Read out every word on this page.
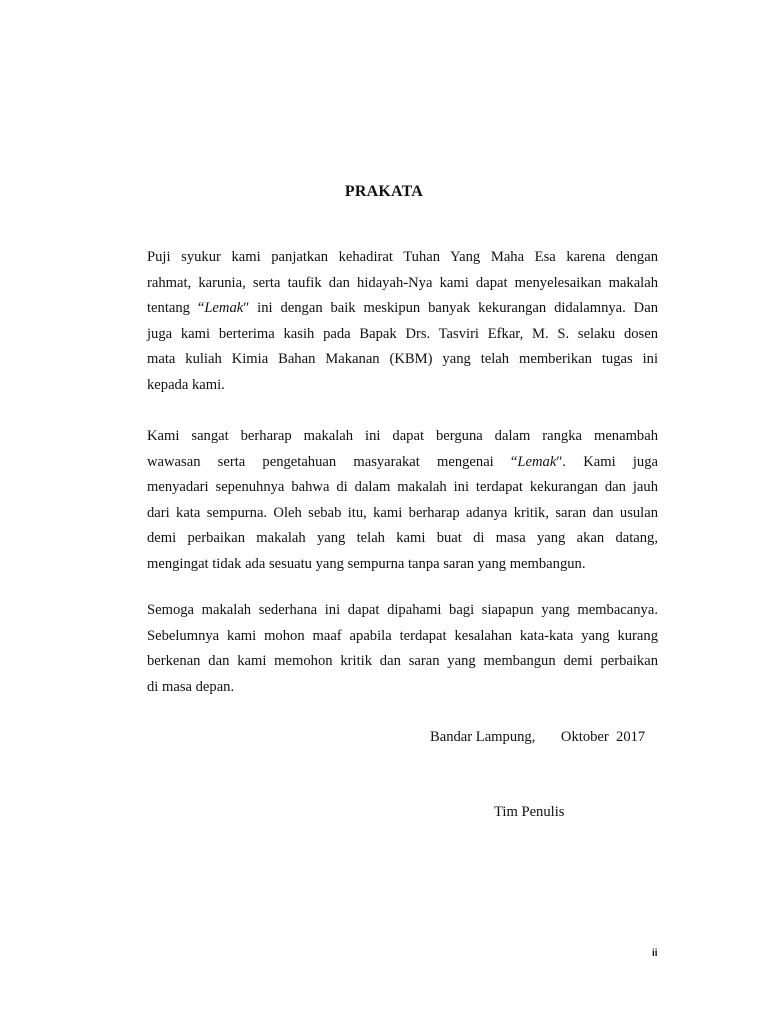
PRAKATA
Puji syukur kami panjatkan kehadirat Tuhan Yang Maha Esa karena dengan
rahmat, karunia, serta taufik dan hidayah-Nya kami dapat menyelesaikan makalah
tentang “Lemak″ ini dengan baik meskipun banyak kekurangan didalamnya. Dan
juga kami berterima kasih pada Bapak Drs. Tasviri Efkar, M. S. selaku dosen
mata kuliah Kimia Bahan Makanan (KBM) yang telah memberikan tugas ini
kepada kami.
Kami sangat berharap makalah ini dapat berguna dalam rangka menambah
wawasan serta pengetahuan masyarakat mengenai “Lemak″. Kami juga
menyadari sepenuhnya bahwa di dalam makalah ini terdapat kekurangan dan jauh
dari kata sempurna. Oleh sebab itu, kami berharap adanya kritik, saran dan usulan
demi perbaikan makalah yang telah kami buat di masa yang akan datang,
mengingat tidak ada sesuatu yang sempurna tanpa saran yang membangun.
Semoga makalah sederhana ini dapat dipahami bagi siapapun yang membacanya.
Sebelumnya kami mohon maaf apabila terdapat kesalahan kata-kata yang kurang
berkenan dan kami memohon kritik dan saran yang membangun demi perbaikan
di masa depan.
Bandar Lampung, Oktober  2017
Tim Penulis
ii
